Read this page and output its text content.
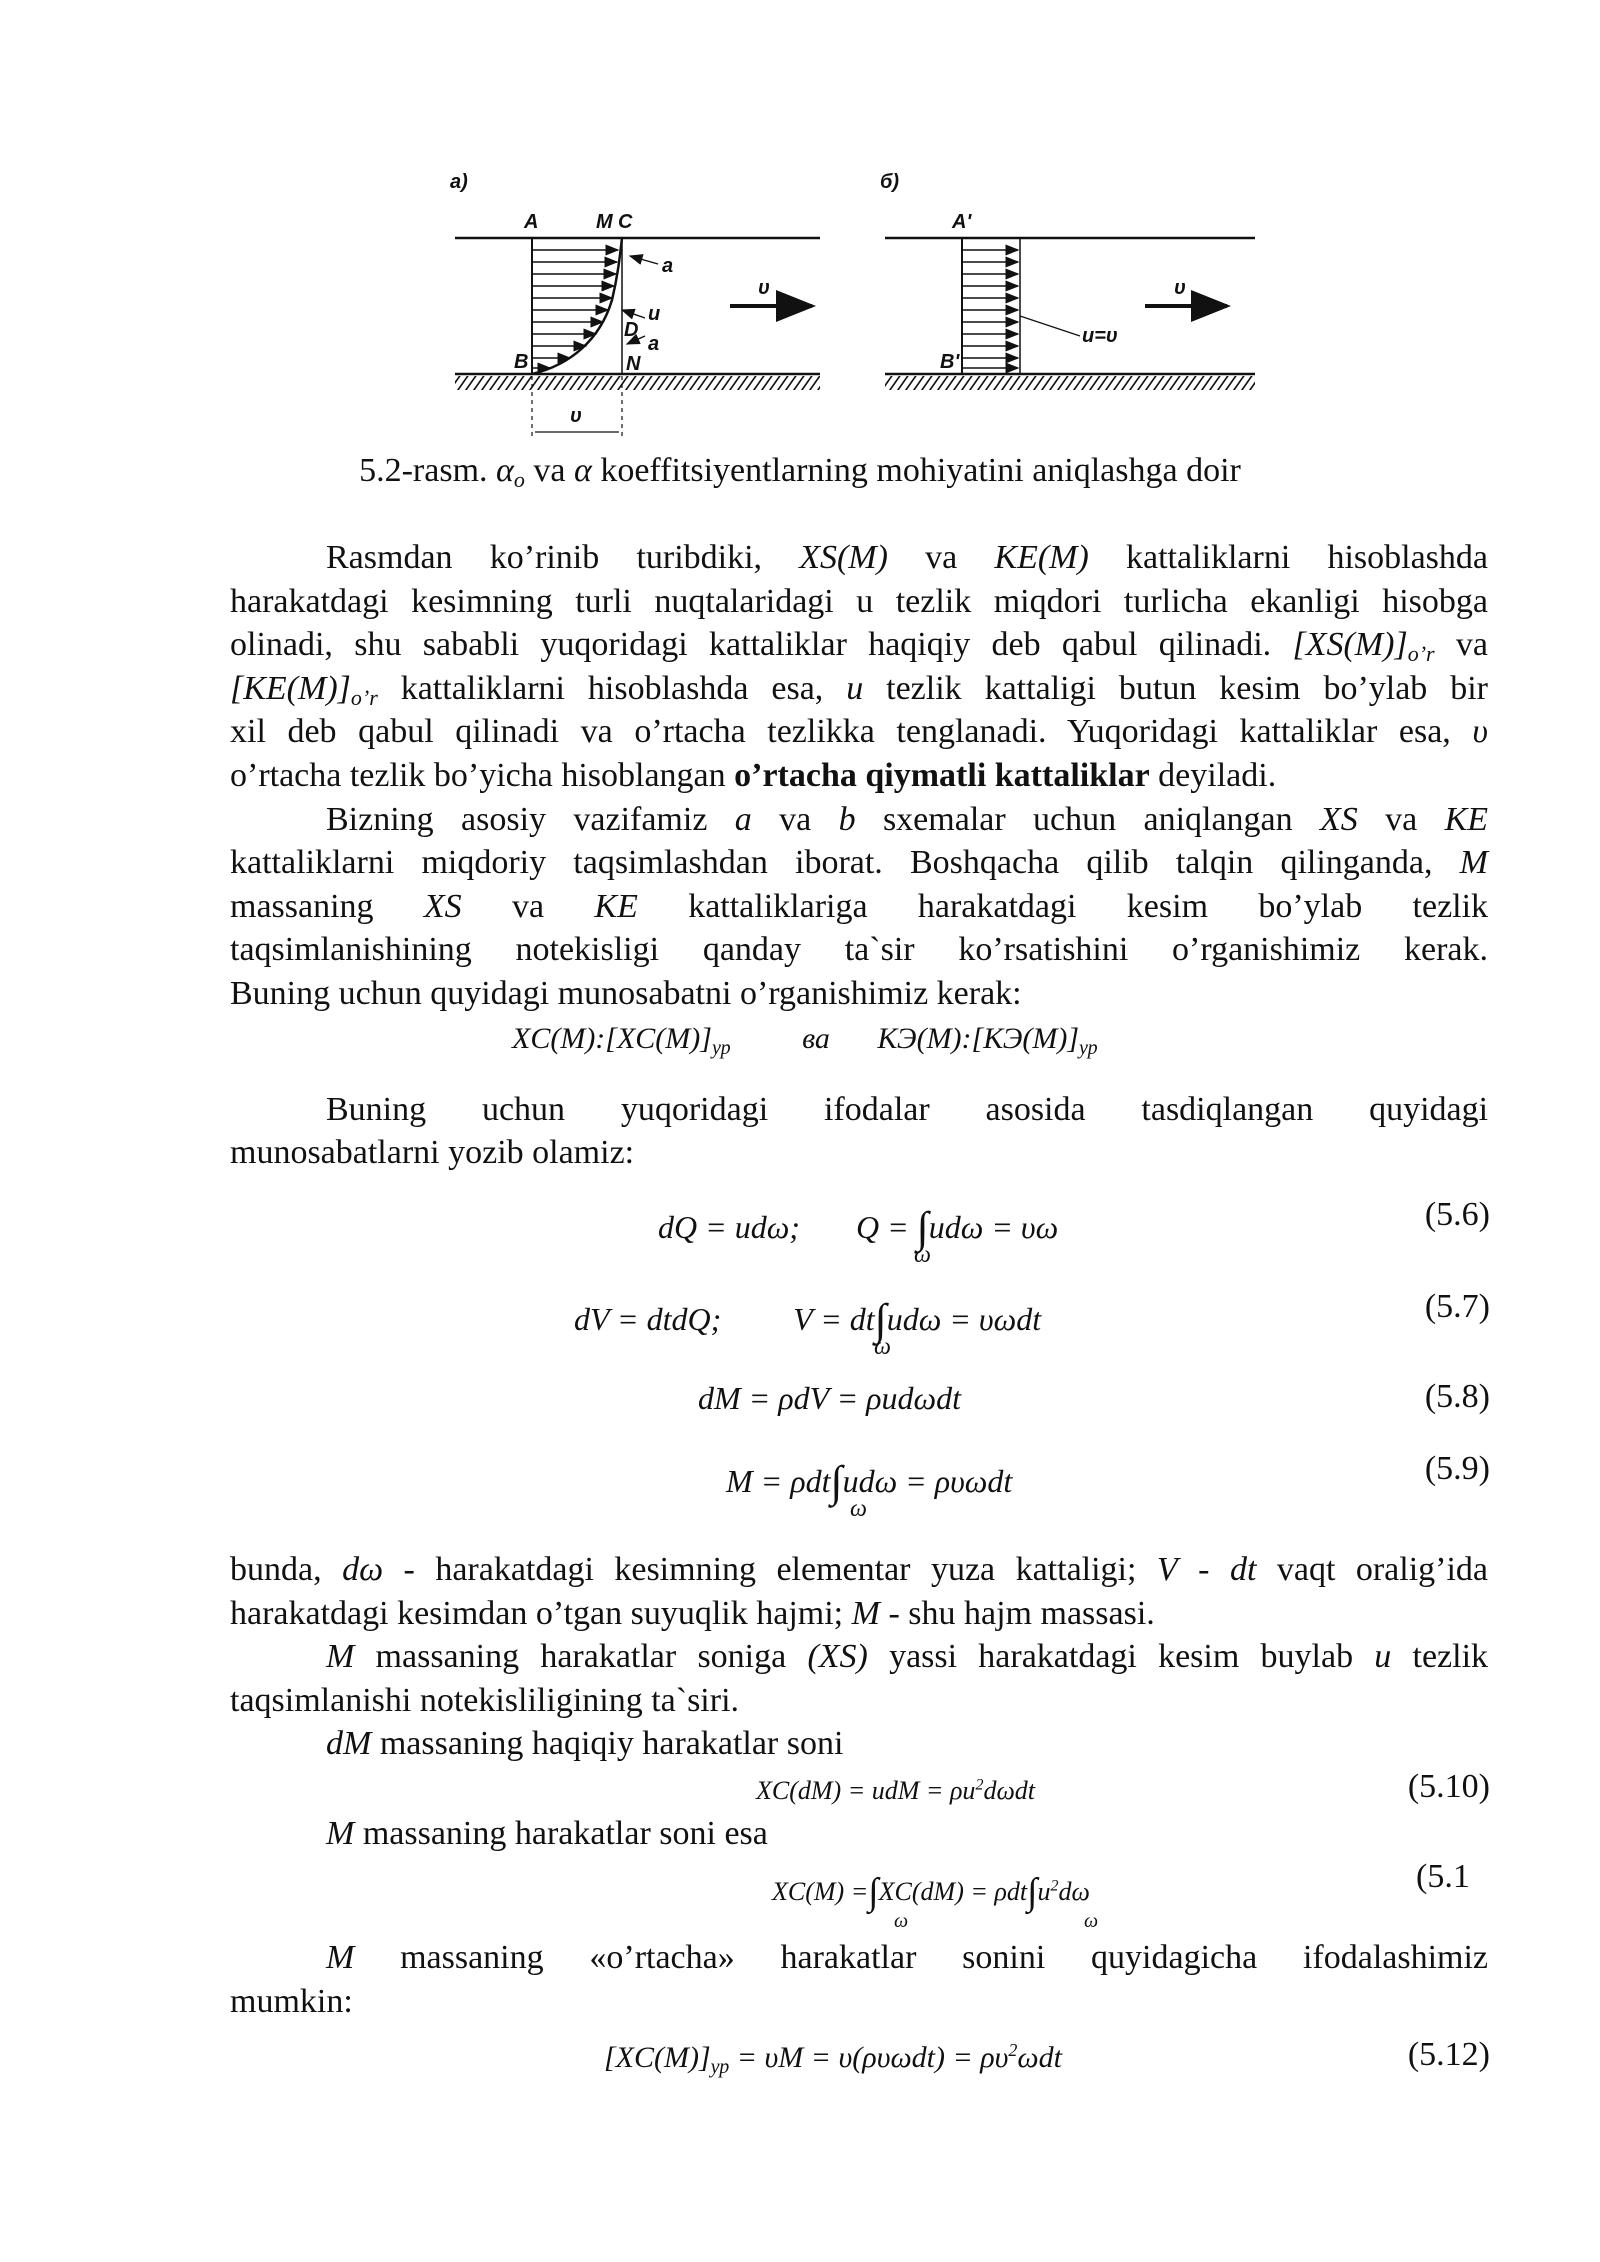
а)
A	M C
D
B	N
a
u
a
υ
υ
б)
A'
B'
u=υ
υ
5.2-rasm. $\alpha_o$ va α koeffitsiyentlarning mohiyatini aniqlashga doir
Rasmdan ko’rinib turibdiki, XS(M) va KE(M) kattaliklarni hisoblashda
harakatdagi kesimning turli nuqtalaridagi u tezlik miqdori turlicha ekanligi hisobga
olinadi, shu sababli yuqoridagi kattaliklar haqiqiy deb qabul qilinadi. $[XS(M)]_{o’r}$ va
$[KE(M)]_{o’r}$ kattaliklarni hisoblashda esa, u tezlik kattaligi butun kesim bo’ylab bir
xil deb qabul qilinadi va o’rtacha tezlikka tenglanadi. Yuqoridagi kattaliklar esa, υ
o’rtacha tezlik bo’yicha hisoblangan o’rtacha qiymatli kattaliklar deyiladi.
Bizning asosiy vazifamiz a va b sxemalar uchun aniqlangan XS va KE
kattaliklarni miqdoriy taqsimlashdan iborat. Boshqacha qilib talqin qilinganda, M
massaning XS va KE kattaliklariga harakatdagi kesim bo’ylab tezlik
taqsimlanishining notekisligi qanday ta`sir ko’rsatishini o’rganishimiz kerak.
Buning uchun quyidagi munosabatni o’rganishimiz kerak:
$XC(M):[XC(M)]_{ур}$ ва $КЭ(M):[КЭ(M)]_{ур}$
Buning uchun yuqoridagi ifodalar asosida tasdiqlangan quyidagi
munosabatlarni yozib olamiz:
dQ = udω; Q = ∫udω = υω
ω
(5.6)
dV = dtdQ; V = dt∫udω = υωdt
ω
(5.7)
dM = ρdV = ρudωdt	(5.8)
M = ρdt∫udω = ρυωdt
ω
(5.9)
bunda, dω - harakatdagi kesimning elementar yuza kattaligi; V - dt vaqt oralig’ida
harakatdagi kesimdan o’tgan suyuqlik hajmi; M - shu hajm massasi.
M massaning harakatlar soniga (XS) yassi harakatdagi kesim buylab u tezlik
taqsimlanishi notekisliligining ta`siri.
dM massaning haqiqiy harakatlar soni
XC(dM) = udM = $\rho u^2d\omega dt$	(5.10)
M massaning harakatlar soni esa
$XC(M) =\int XC(dM) = \rho dt\int u^2d\omega$
ω	ω
(5.1
M massaning «o’rtacha» harakatlar sonini quyidagicha ifodalashimiz
mumkin:
$[XC(M)]_{ур} = \upsilon M = \upsilon(\rho\upsilon\omega dt) = \rho\upsilon^2\omega dt$	(5.12)
